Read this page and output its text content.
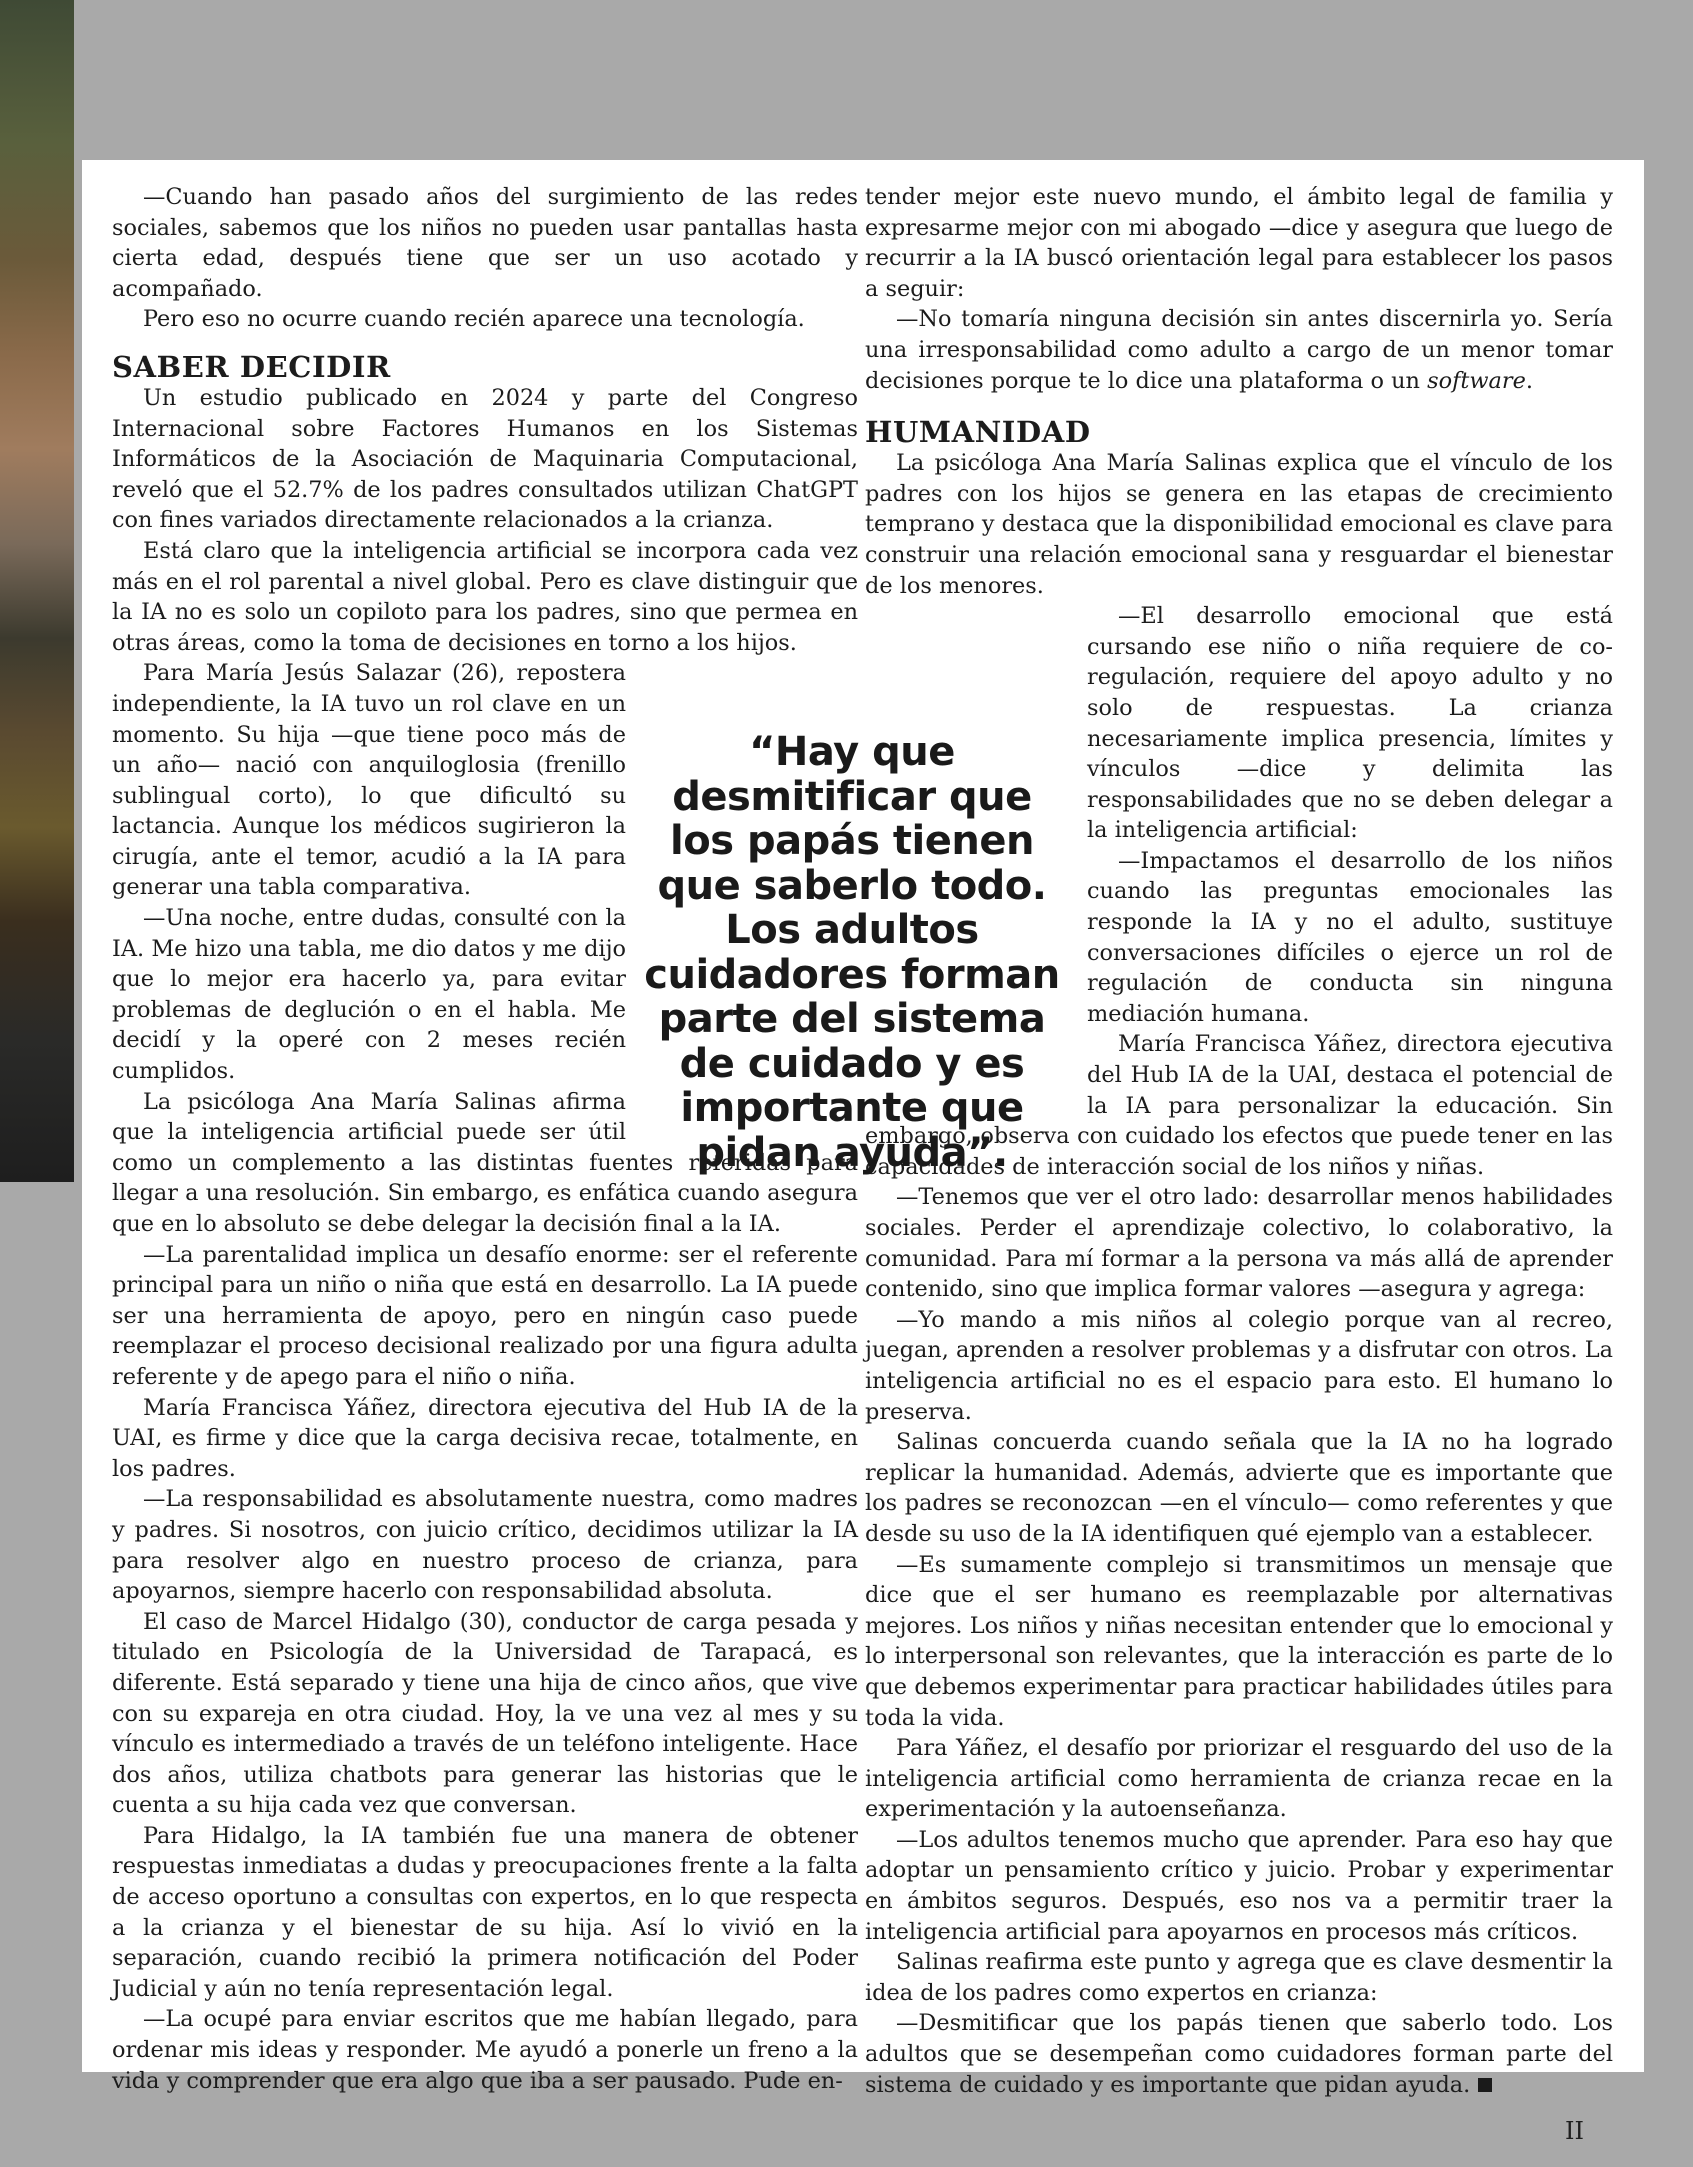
—Cuando han pasado años del surgimiento de las redes sociales, sabemos que los niños no pueden usar pantallas hasta cierta edad, después tiene que ser un uso acotado y acompañado.

Pero eso no ocurre cuando recién aparece una tecnología.

SABER DECIDIR

Un estudio publicado en 2024 y parte del Congreso Internacional sobre Factores Humanos en los Sistemas Informáticos de la Asociación de Maquinaria Computacional, reveló que el 52.7% de los padres consultados utilizan ChatGPT con fines variados directamente relacionados a la crianza.

Está claro que la inteligencia artificial se incorpora cada vez más en el rol parental a nivel global. Pero es clave distinguir que la IA no es solo un copiloto para los padres, sino que permea en otras áreas, como la toma de decisiones en torno a los hijos.

Para María Jesús Salazar (26), repostera independiente, la IA tuvo un rol clave en un momento. Su hija —que tiene poco más de un año— nació con anquiloglosia (frenillo sublingual corto), lo que dificultó su lactancia. Aunque los médicos sugirieron la cirugía, ante el temor, acudió a la IA para generar una tabla comparativa.

—Una noche, entre dudas, consulté con la IA. Me hizo una tabla, me dio datos y me dijo que lo mejor era hacerlo ya, para evitar problemas de deglución o en el habla. Me decidí y la operé con 2 meses recién cumplidos.

La psicóloga Ana María Salinas afirma que la inteligencia artificial puede ser útil como un complemento a las distintas fuentes referidas para llegar a una resolución. Sin embargo, es enfática cuando asegura que en lo absoluto se debe delegar la decisión final a la IA.

—La parentalidad implica un desafío enorme: ser el referente principal para un niño o niña que está en desarrollo. La IA puede ser una herramienta de apoyo, pero en ningún caso puede reemplazar el proceso decisional realizado por una figura adulta referente y de apego para el niño o niña.

María Francisca Yáñez, directora ejecutiva del Hub IA de la UAI, es firme y dice que la carga decisiva recae, totalmente, en los padres.

—La responsabilidad es absolutamente nuestra, como madres y padres. Si nosotros, con juicio crítico, decidimos utilizar la IA para resolver algo en nuestro proceso de crianza, para apoyarnos, siempre hacerlo con responsabilidad absoluta.

El caso de Marcel Hidalgo (30), conductor de carga pesada y titulado en Psicología de la Universidad de Tarapacá, es diferente. Está separado y tiene una hija de cinco años, que vive con su expareja en otra ciudad. Hoy, la ve una vez al mes y su vínculo es intermediado a través de un teléfono inteligente. Hace dos años, utiliza chatbots para generar las historias que le cuenta a su hija cada vez que conversan.

Para Hidalgo, la IA también fue una manera de obtener respuestas inmediatas a dudas y preocupaciones frente a la falta de acceso oportuno a consultas con expertos, en lo que respecta a la crianza y el bienestar de su hija. Así lo vivió en la separación, cuando recibió la primera notificación del Poder Judicial y aún no tenía representación legal.

—La ocupé para enviar escritos que me habían llegado, para ordenar mis ideas y responder. Me ayudó a ponerle un freno a la vida y comprender que era algo que iba a ser pausado. Pude en-

tender mejor este nuevo mundo, el ámbito legal de familia y expresarme mejor con mi abogado —dice y asegura que luego de recurrir a la IA buscó orientación legal para establecer los pasos a seguir:

—No tomaría ninguna decisión sin antes discernirla yo. Sería una irresponsabilidad como adulto a cargo de un menor tomar decisiones porque te lo dice una plataforma o un software.

HUMANIDAD

La psicóloga Ana María Salinas explica que el vínculo de los padres con los hijos se genera en las etapas de crecimiento temprano y destaca que la disponibilidad emocional es clave para construir una relación emocional sana y resguardar el bienestar de los menores.

—El desarrollo emocional que está cursando ese niño o niña requiere de co-regulación, requiere del apoyo adulto y no solo de respuestas. La crianza necesariamente implica presencia, límites y vínculos —dice y delimita las responsabilidades que no se deben delegar a la inteligencia artificial:

—Impactamos el desarrollo de los niños cuando las preguntas emocionales las responde la IA y no el adulto, sustituye conversaciones difíciles o ejerce un rol de regulación de conducta sin ninguna mediación humana.

María Francisca Yáñez, directora ejecutiva del Hub IA de la UAI, destaca el potencial de la IA para personalizar la educación. Sin embargo, observa con cuidado los efectos que puede tener en las capacidades de interacción social de los niños y niñas.

—Tenemos que ver el otro lado: desarrollar menos habilidades sociales. Perder el aprendizaje colectivo, lo colaborativo, la comunidad. Para mí formar a la persona va más allá de aprender contenido, sino que implica formar valores —asegura y agrega:

—Yo mando a mis niños al colegio porque van al recreo, juegan, aprenden a resolver problemas y a disfrutar con otros. La inteligencia artificial no es el espacio para esto. El humano lo preserva.

Salinas concuerda cuando señala que la IA no ha logrado replicar la humanidad. Además, advierte que es importante que los padres se reconozcan —en el vínculo— como referentes y que desde su uso de la IA identifiquen qué ejemplo van a establecer.

—Es sumamente complejo si transmitimos un mensaje que dice que el ser humano es reemplazable por alternativas mejores. Los niños y niñas necesitan entender que lo emocional y lo interpersonal son relevantes, que la interacción es parte de lo que debemos experimentar para practicar habilidades útiles para toda la vida.

Para Yáñez, el desafío por priorizar el resguardo del uso de la inteligencia artificial como herramienta de crianza recae en la experimentación y la autoenseñanza.

—Los adultos tenemos mucho que aprender. Para eso hay que adoptar un pensamiento crítico y juicio. Probar y experimentar en ámbitos seguros. Después, eso nos va a permitir traer la inteligencia artificial para apoyarnos en procesos más críticos.

Salinas reafirma este punto y agrega que es clave desmentir la idea de los padres como expertos en crianza:

—Desmitificar que los papás tienen que saberlo todo. Los adultos que se desempeñan como cuidadores forman parte del sistema de cuidado y es importante que pidan ayuda.

“Hay que desmitificar que los papás tienen que saberlo todo. Los adultos cuidadores forman parte del sistema de cuidado y es importante que pidan ayuda”.
II
